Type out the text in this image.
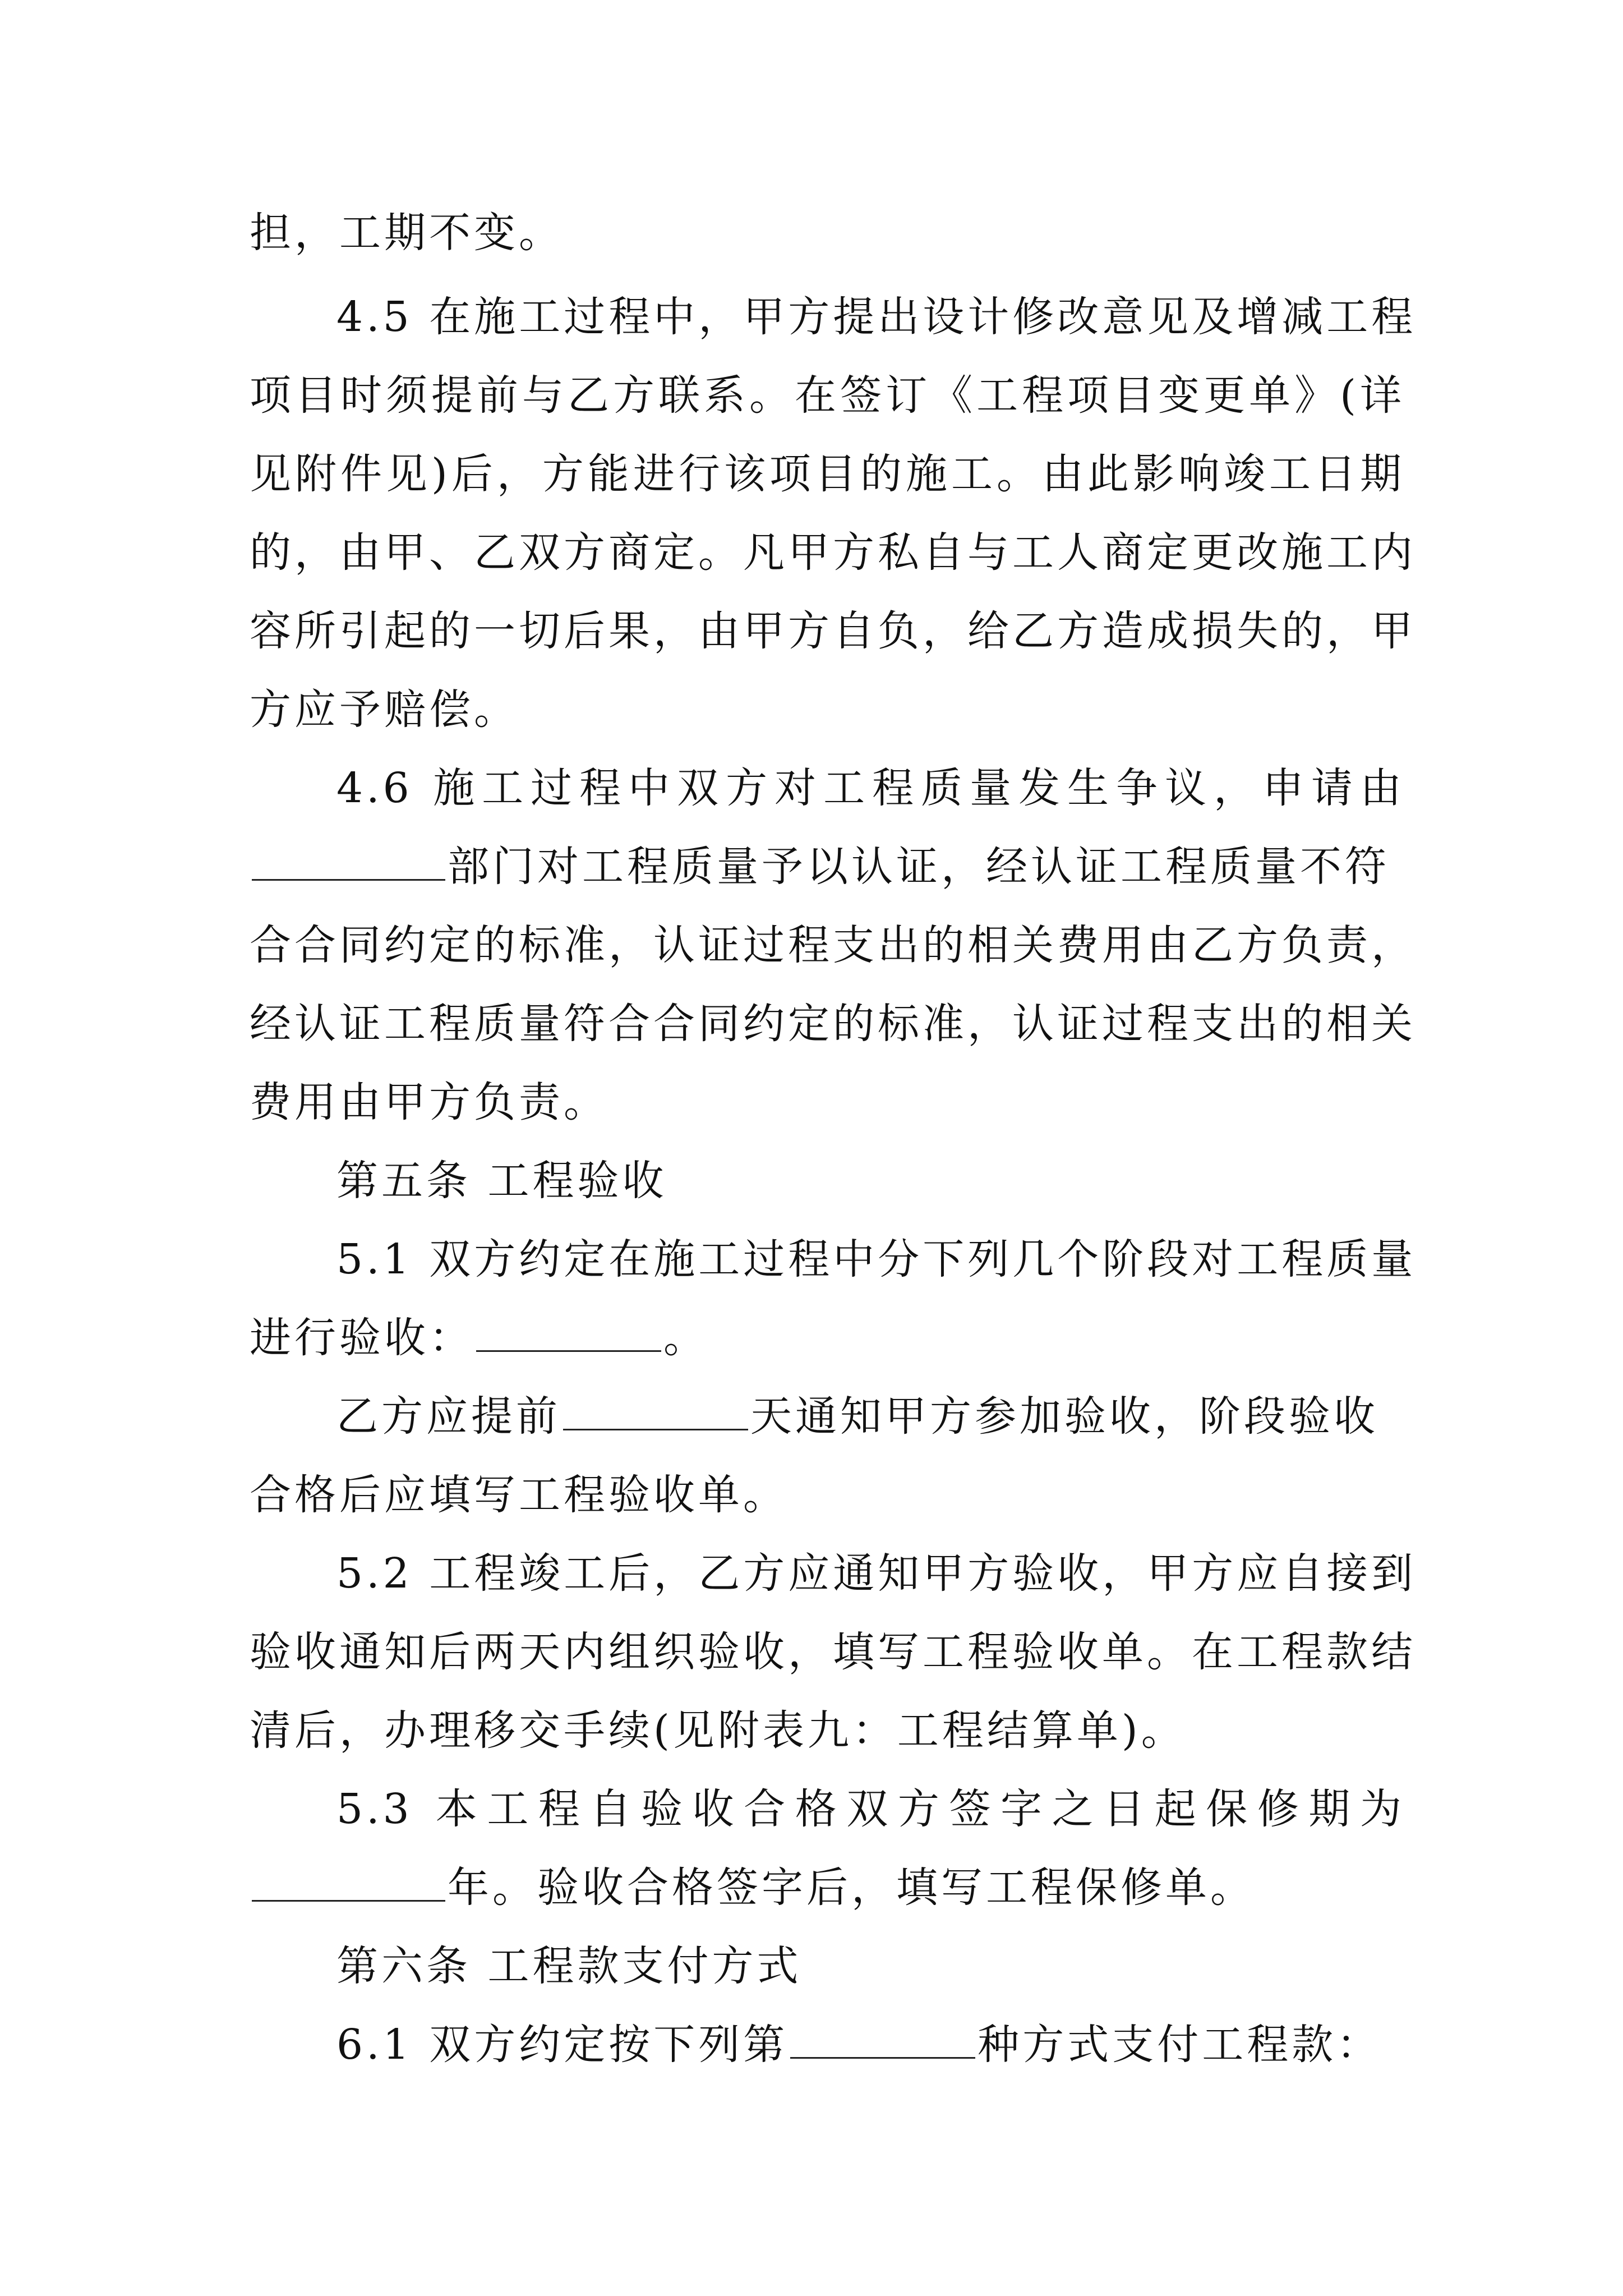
担，工期不变。
4.5 在施工过程中，甲方提出设计修改意见及增减工程
项目时须提前与乙方联系。在签订《工程项目变更单》(详
见附件见)后，方能进行该项目的施工。由此影响竣工日期
的，由甲、乙双方商定。凡甲方私自与工人商定更改施工内
容所引起的一切后果，由甲方自负，给乙方造成损失的，甲
方应予赔偿。
4.6 施工过程中双方对工程质量发生争议，申请由
部门对工程质量予以认证，经认证工程质量不符
合合同约定的标准，认证过程支出的相关费用由乙方负责，
经认证工程质量符合合同约定的标准，认证过程支出的相关
费用由甲方负责。
第五条 工程验收
5.1 双方约定在施工过程中分下列几个阶段对工程质量
进行验收：	。
乙方应提前	天通知甲方参加验收，阶段验收
合格后应填写工程验收单。
5.2 工程竣工后，乙方应通知甲方验收，甲方应自接到
验收通知后两天内组织验收，填写工程验收单。在工程款结
清后，办理移交手续(见附表九：工程结算单)。
5.3 本工程自验收合格双方签字之日起保修期为
年。验收合格签字后，填写工程保修单。
第六条 工程款支付方式
6.1 双方约定按下列第	种方式支付工程款：
